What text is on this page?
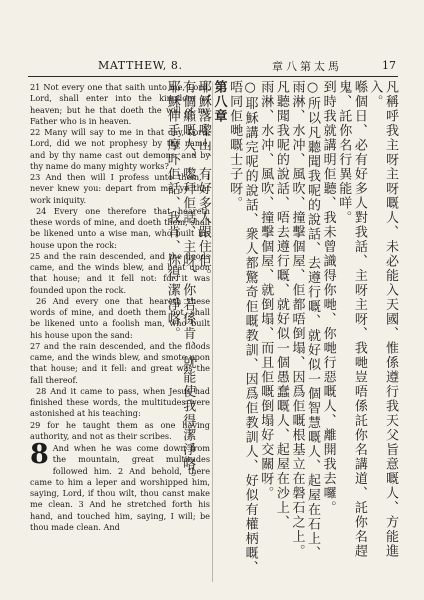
MATTHEW, 8.	章八第太馬	17

21 Not every one that saith unto me, Lord, Lord, shall enter into the kingdom of heaven; but he that doeth the will of my Father who is in heaven.

22 Many will say to me in that day, Lord, Lord, did we not prophesy by thy name, and by thy name cast out demons, and by thy name do many mighty works?

23 And then will I profess unto them, I never knew you: depart from me, ye that work iniquity.

24 Every one therefore that heareth these words of mine, and doeth them, shall be likened unto a wise man, who built his house upon the rock:

25 and the rain descended, and the floods came, and the winds blew, and beat upon that house; and it fell not: for it was founded upon the rock.

26 And every one that heareth these words of mine, and doeth them not, shall be likened unto a foolish man, who built his house upon the sand:

27 and the rain descended, and the floods came, and the winds blew, and smote upon that house; and it fell: and great was the fall thereof.

28 And it came to pass, when Jesus had finished these words, the multitudes were astonished at his teaching:

29 for he taught them as one having authority, and not as their scribes.

8 And when he was come down from the mountain, great multitudes followed him. 2 And behold, there came to him a leper and worshipped him, saying, Lord, if thou wilt, thou canst make me clean. 3 And he stretched forth his hand, and touched him, saying, I will; be thou made clean. And	凡稱呼我主呀主呀嘅人、未必能入天國、惟係遵行我天父旨意嘅人、方能進入。
喺個日、必有好多人對我話、主呀主呀、我哋豈唔係託你名講道、託你名趕鬼、託你名行異能咩。
到時我就講明佢聽、我未曾識得你哋、你哋行惡嘅人、離開我去囉。
○所以凡聽聞我呢的說話、去遵行嘅、就好似一個智慧嘅人、起屋在石上、
雨淋、水冲、風吹、撞擊個屋、佢都唔倒塌、因爲佢嘅根基立在磐石之上。
凡聽聞我呢的說話、唔去遵行嘅、就好似一個愚蠢嘅人、起屋在沙上、
雨淋、水冲、風吹、撞擊個屋、就倒塌、而且佢嘅倒塌好交關呀。
○耶穌講完呢的說話、衆人都驚奇佢嘅教訓、因爲佢教訓人、好似有權柄嘅、
唔同佢哋嘅士子呀。
第八章
耶穌落嚟山、有好多人跟住佢。
有個癩嘅人、嚟拜佢話、主呀、你若係肯、就能使我得潔淨咯。
耶穌伸手摩吓佢話、我肯、你得潔淨咯。
